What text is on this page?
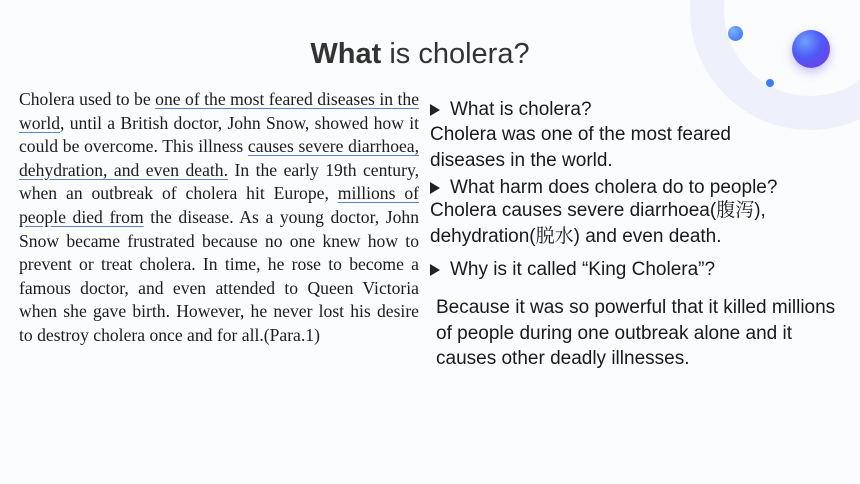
What is cholera?
Cholera used to be one of the most feared diseases in the world, until a British doctor, John Snow, showed how it could be overcome. This illness causes severe diarrhoea, dehydration, and even death. In the early 19th century, when an outbreak of cholera hit Europe, millions of people died from the disease. As a young doctor, John Snow became frustrated because no one knew how to prevent or treat cholera. In time, he rose to become a famous doctor, and even attended to Queen Victoria when she gave birth. However, he never lost his desire to destroy cholera once and for all.(Para.1)
What is cholera?
Cholera was one of the most feared diseases in the world.
What harm does cholera do to people?
Cholera causes severe diarrhoea(腹泻), dehydration(脱水) and even death.
Why is it called “King Cholera”?
Because it was so powerful that it killed millions of people during one outbreak alone and it causes other deadly illnesses.
